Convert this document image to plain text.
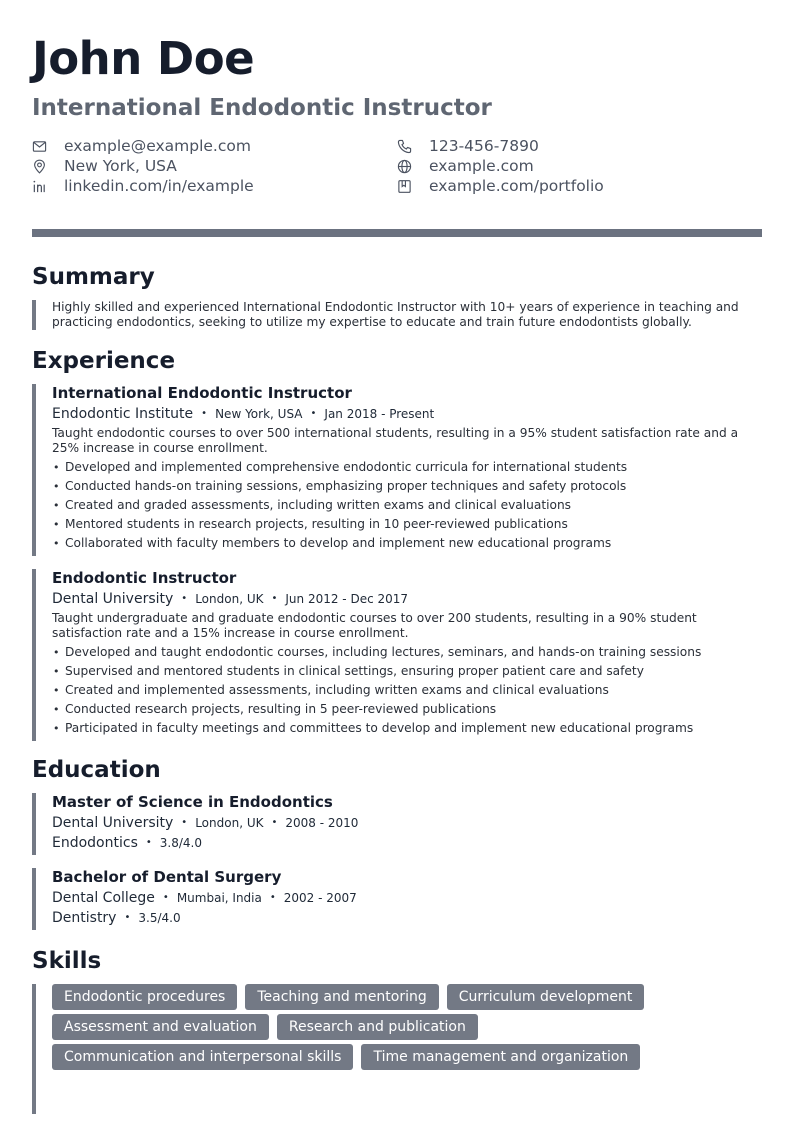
John Doe
International Endodontic Instructor
example@example.com	123-456-7890
New York, USA	example.com
linkedin.com/in/example	example.com/portfolio
Summary
Highly skilled and experienced International Endodontic Instructor with 10+ years of experience in teaching and practicing endodontics, seeking to utilize my expertise to educate and train future endodontists globally.
Experience
International Endodontic Instructor
Endodontic Institute • New York, USA • Jan 2018 - Present
Taught endodontic courses to over 500 international students, resulting in a 95% student satisfaction rate and a 25% increase in course enrollment.
• Developed and implemented comprehensive endodontic curricula for international students
• Conducted hands-on training sessions, emphasizing proper techniques and safety protocols
• Created and graded assessments, including written exams and clinical evaluations
• Mentored students in research projects, resulting in 10 peer-reviewed publications
• Collaborated with faculty members to develop and implement new educational programs
Endodontic Instructor
Dental University • London, UK • Jun 2012 - Dec 2017
Taught undergraduate and graduate endodontic courses to over 200 students, resulting in a 90% student satisfaction rate and a 15% increase in course enrollment.
• Developed and taught endodontic courses, including lectures, seminars, and hands-on training sessions
• Supervised and mentored students in clinical settings, ensuring proper patient care and safety
• Created and implemented assessments, including written exams and clinical evaluations
• Conducted research projects, resulting in 5 peer-reviewed publications
• Participated in faculty meetings and committees to develop and implement new educational programs
Education
Master of Science in Endodontics
Dental University • London, UK • 2008 - 2010
Endodontics • 3.8/4.0
Bachelor of Dental Surgery
Dental College • Mumbai, India • 2002 - 2007
Dentistry • 3.5/4.0
Skills
Endodontic procedures	Teaching and mentoring	Curriculum development
Assessment and evaluation	Research and publication
Communication and interpersonal skills	Time management and organization
